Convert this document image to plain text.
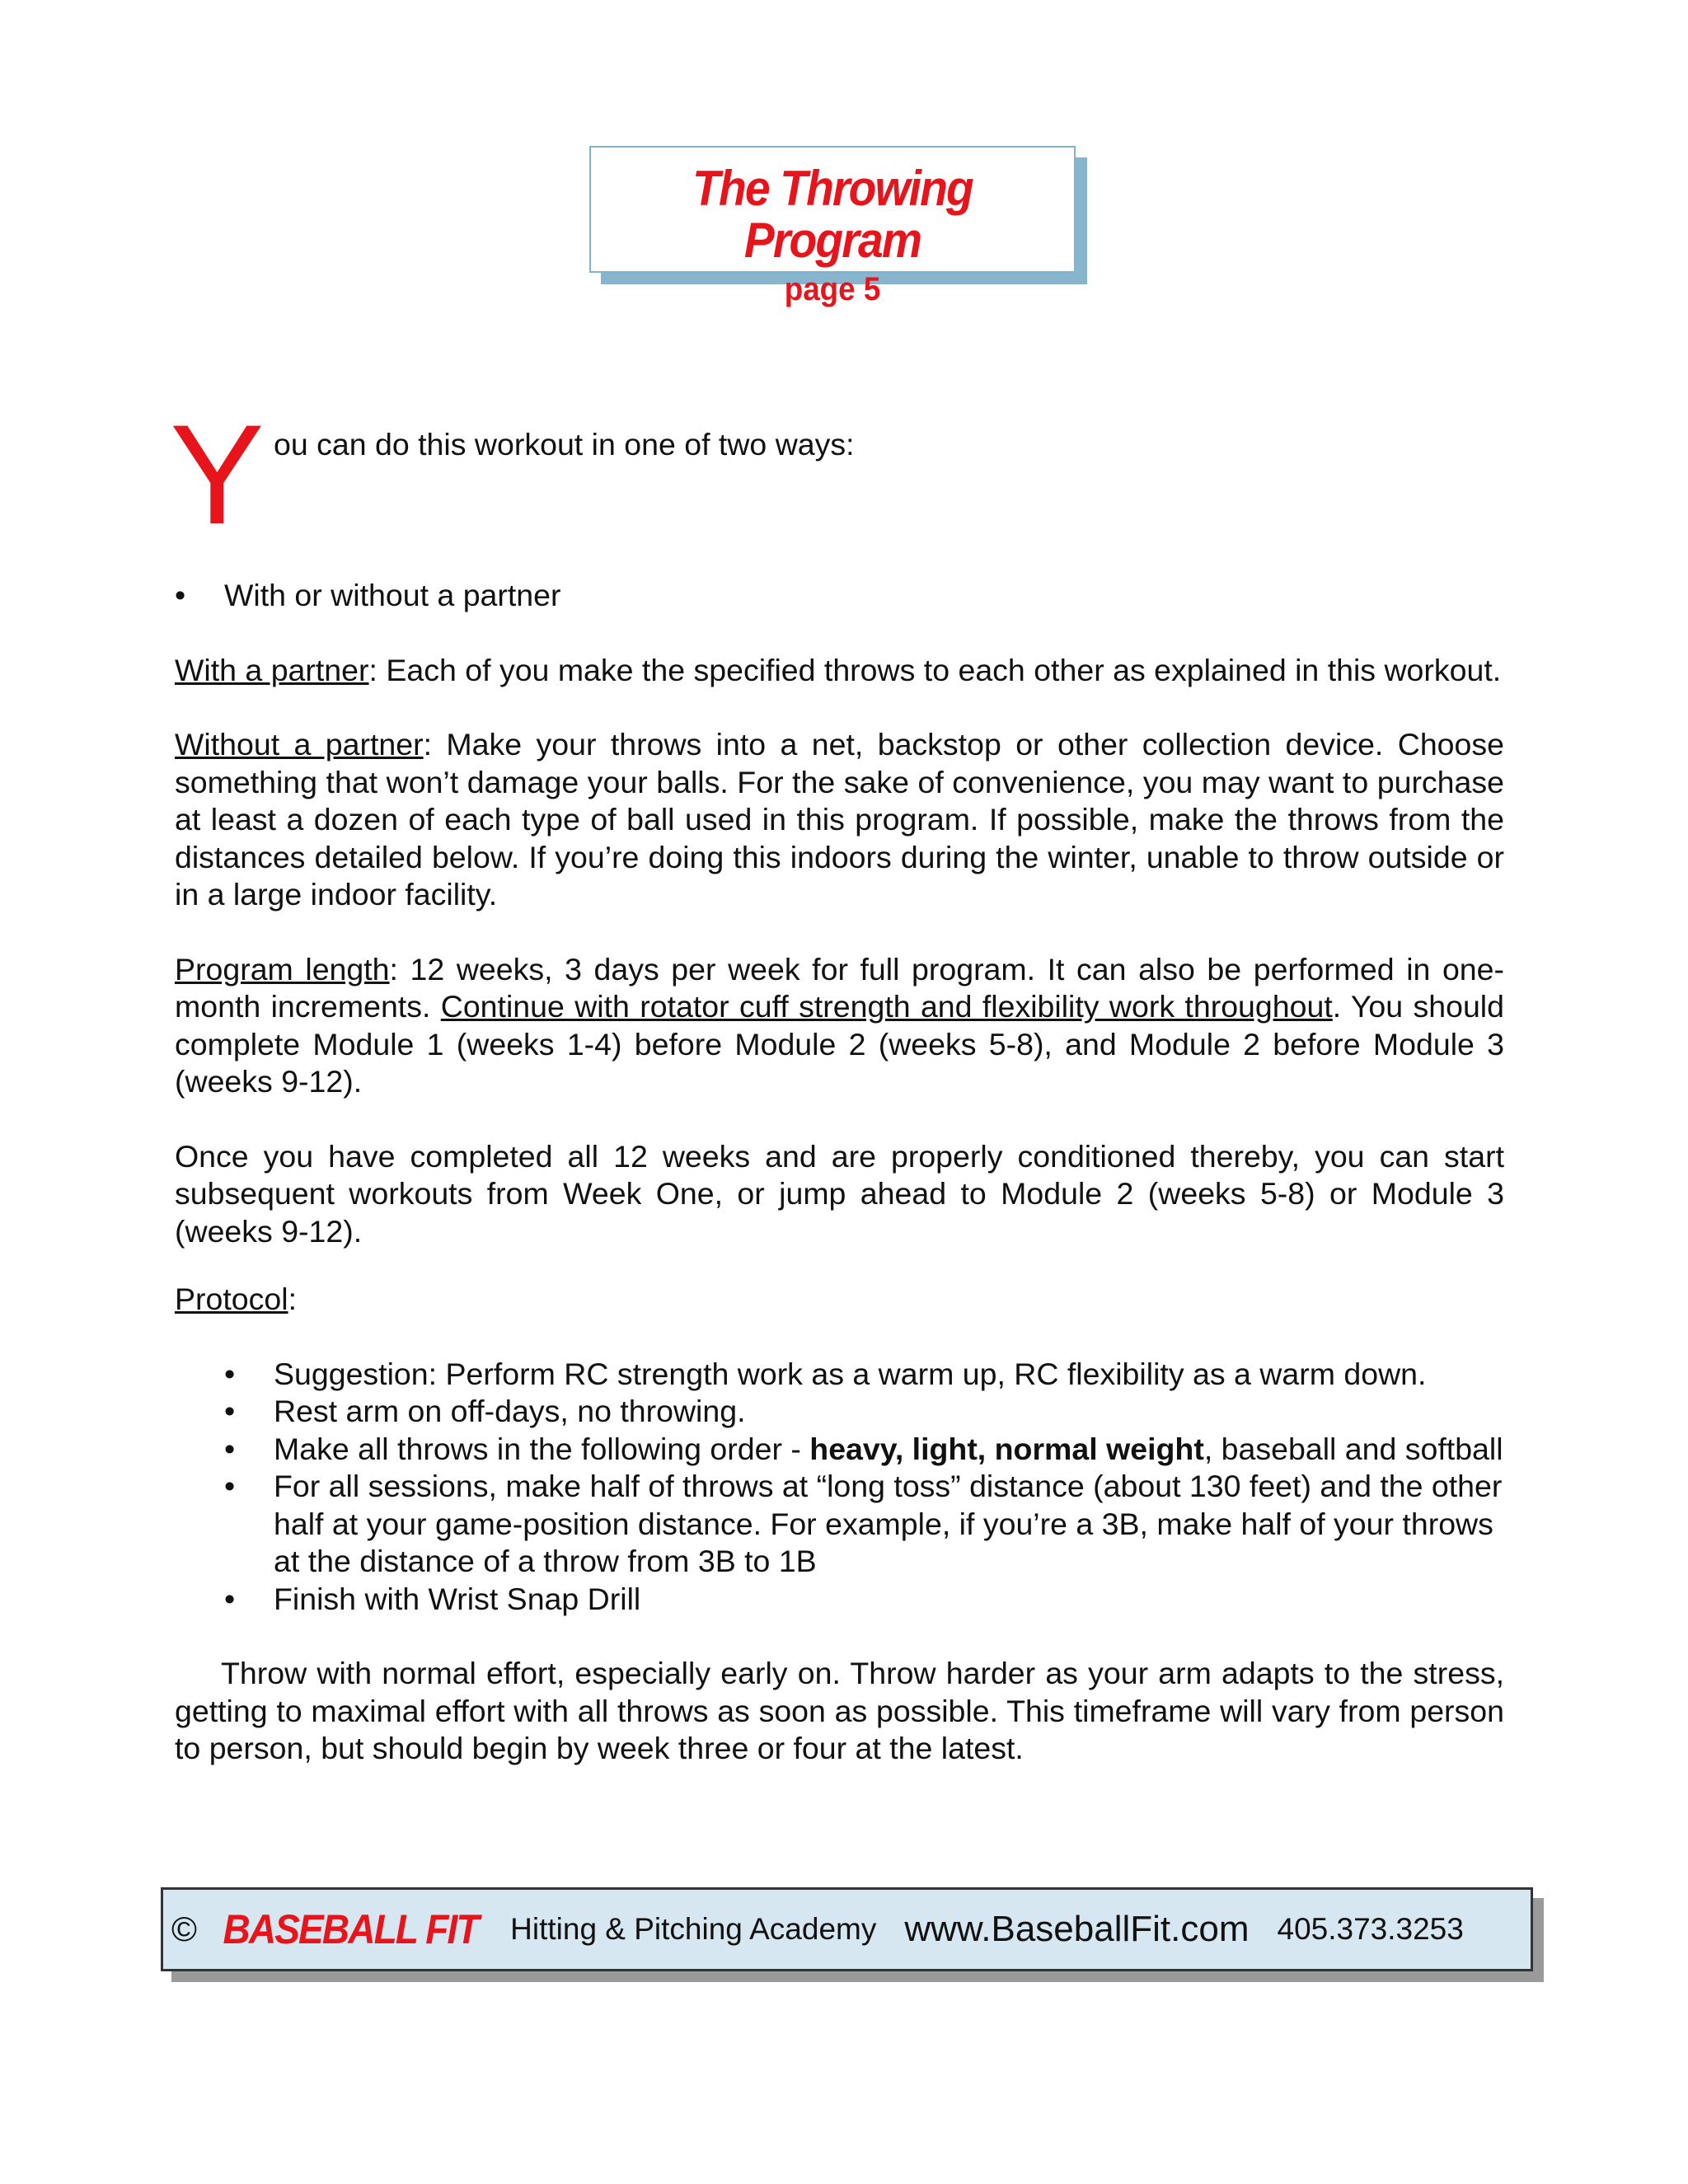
The Throwing Program
page 5
Y ou can do this workout in one of two ways:
•	With or without a partner

With a partner: Each of you make the specified throws to each other as explained in this workout.

Without a partner: Make your throws into a net, backstop or other collection device. Choose something that won’t damage your balls. For the sake of convenience, you may want to purchase at least a dozen of each type of ball used in this program. If possible, make the throws from the distances detailed below. If you’re doing this indoors during the winter, unable to throw outside or in a large indoor facility.

Program length: 12 weeks, 3 days per week for full program. It can also be performed in one-month increments. Continue with rotator cuff strength and flexibility work throughout. You should complete Module 1 (weeks 1-4) before Module 2 (weeks 5-8), and Module 2 before Module 3 (weeks 9-12).

Once you have completed all 12 weeks and are properly conditioned thereby, you can start subsequent workouts from Week One, or jump ahead to Module 2 (weeks 5-8) or Module 3 (weeks 9-12).

Protocol:

•	Suggestion: Perform RC strength work as a warm up, RC flexibility as a warm down.
•	Rest arm on off-days, no throwing.
•	Make all throws in the following order - heavy, light, normal weight, baseball and softball
•	For all sessions, make half of throws at “long toss” distance (about 130 feet) and the other half at your game-position distance. For example, if you’re a 3B, make half of your throws at the distance of a throw from 3B to 1B
•	Finish with Wrist Snap Drill

Throw with normal effort, especially early on. Throw harder as your arm adapts to the stress, getting to maximal effort with all throws as soon as possible. This timeframe will vary from person to person, but should begin by week three or four at the latest.

© BASEBALL FIT Hitting & Pitching Academy www.BaseballFit.com 405.373.3253
